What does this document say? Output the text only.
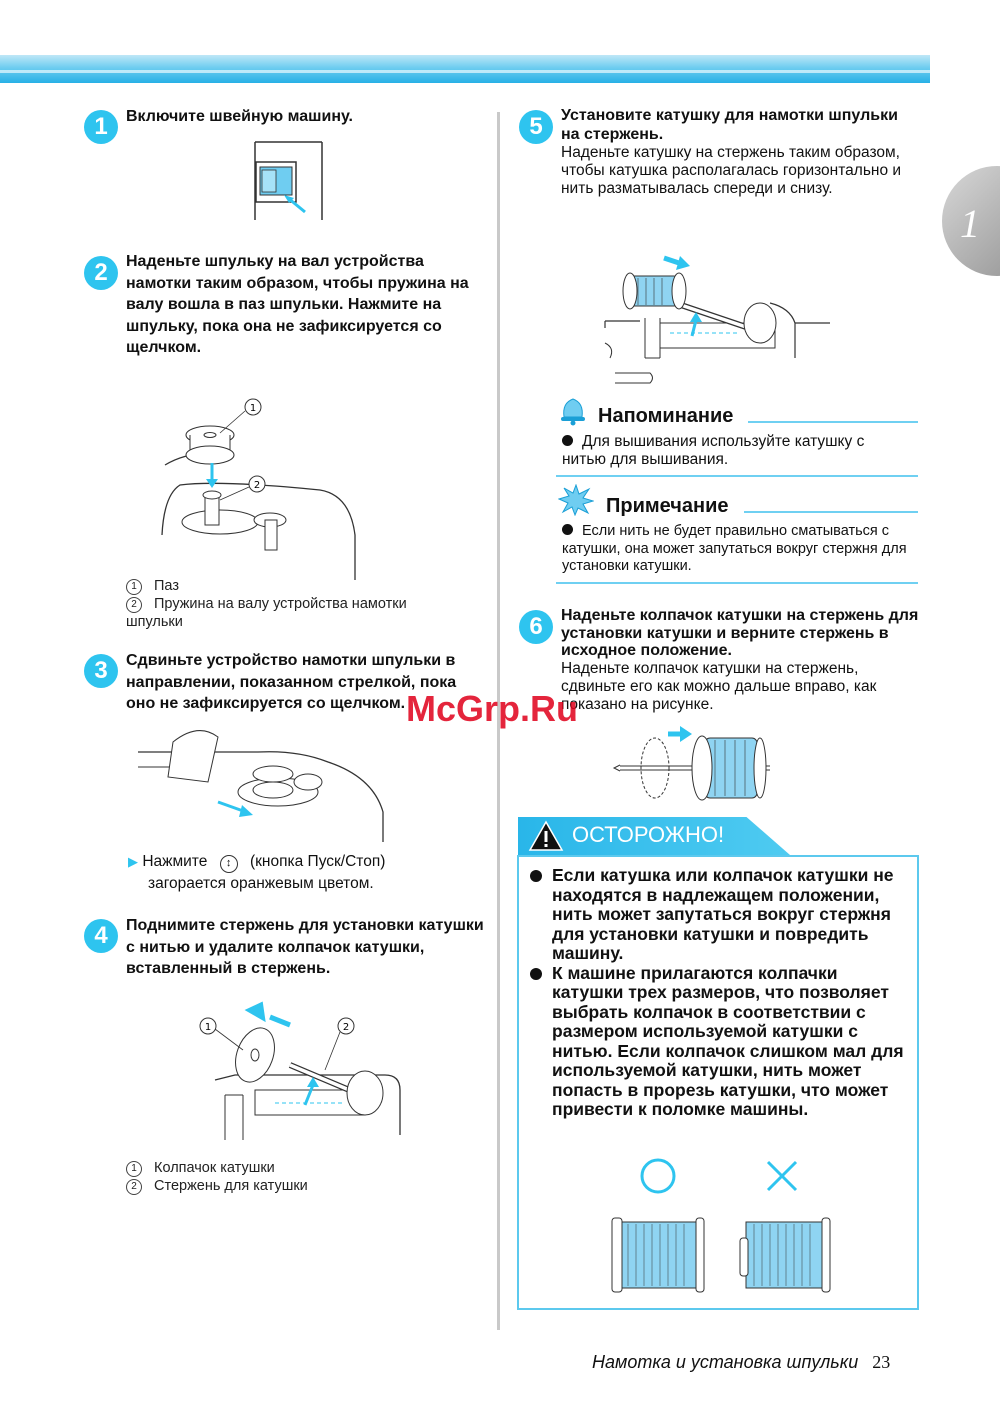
1
1	Включите швейную машину.
2	Наденьте шпульку на вал устройства намотки таким образом, чтобы пружина на валу вошла в паз шпульки. Нажмите на шпульку, пока она не зафиксируется со щелчком.
1
2
1 Паз
2 Пружина на валу устройства намотки шпульки
3	Сдвиньте устройство намотки шпульки в направлении, показанном стрелкой, пока оно не зафиксируется со щелчком.
▶ Нажмите ↕ (кнопка Пуск/Стоп)
загорается оранжевым цветом.
4	Поднимите стержень для установки катушки с нитью и удалите колпачок катушки, вставленный в стержень.
1	2
1 Колпачок катушки
2 Стержень для катушки
5	Установите катушку для намотки шпульки на стержень.
Наденьте катушку на стержень таким образом, чтобы катушка располагалась горизонтально и нить разматывалась спереди и снизу.
Напоминание
Для вышивания используйте катушку с нитью для вышивания.
Примечание
Если нить не будет правильно сматываться с катушки, она может запутаться вокруг стержня для установки катушки.
6	Наденьте колпачок катушки на стержень для установки катушки и верните стержень в исходное положение.
Наденьте колпачок катушки на стержень, сдвиньте его как можно дальше вправо, как показано на рисунке.
ОСТОРОЖНО!
Если катушка или колпачок катушки не находятся в надлежащем положении, нить может запутаться вокруг стержня для установки катушки и повредить машину.
К машине прилагаются колпачки катушки трех размеров, что позволяет выбрать колпачок в соответствии с размером используемой катушки с нитью. Если колпачок слишком мал для используемой катушки, нить может попасть в прорезь катушки, что может привести к поломке машины.
Намотка и установка шпульки 23
McGrp.Ru
